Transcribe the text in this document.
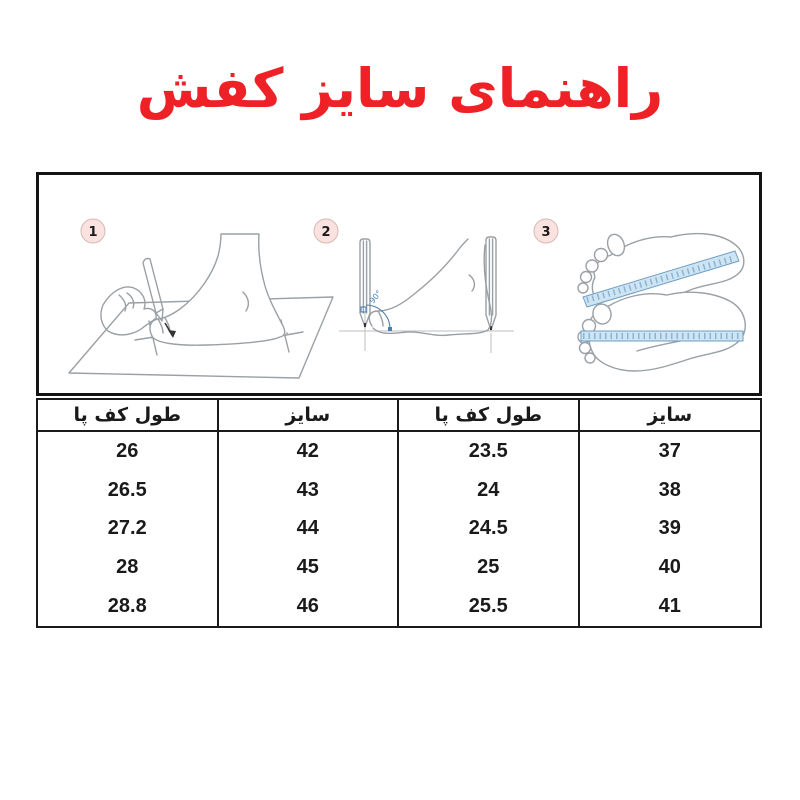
راهنمای سایز کفش
1
90°
2	3
طول کف پا	سایز	طول کف پا	سایز
26	42	23.5	37
26.5	43	24	38
27.2	44	24.5	39
28	45	25	40
28.8	46	25.5	41
